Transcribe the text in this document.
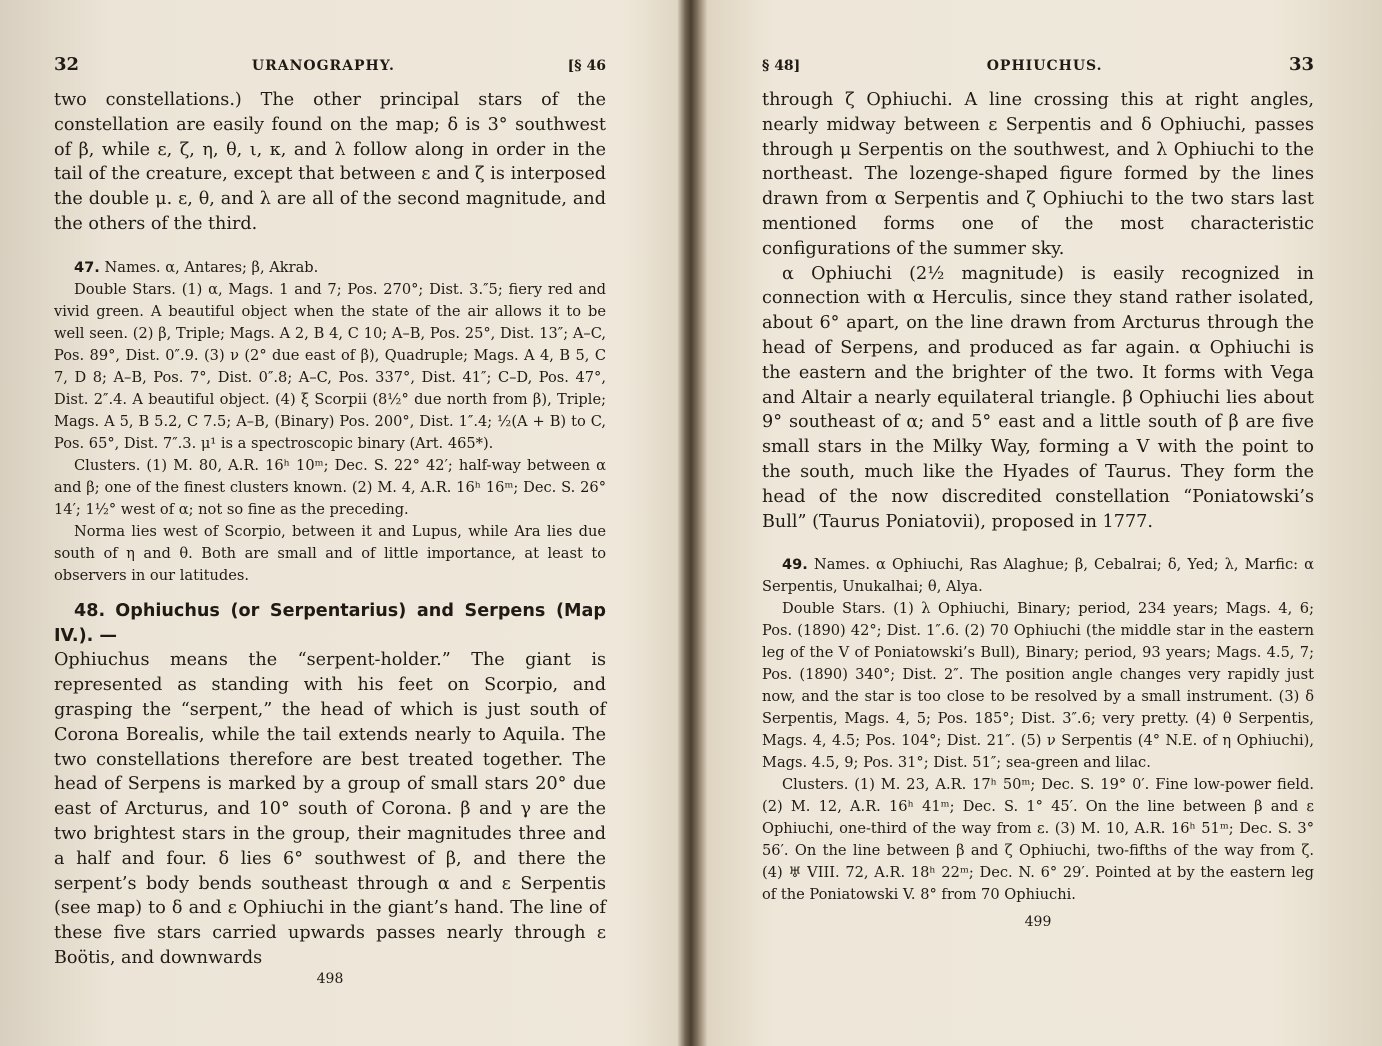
32	URANOGRAPHY.	[§ 46

two constellations.) The other principal stars of the constellation are easily found on the map; δ is 3° southwest of β, while ε, ζ, η, θ, ι, κ, and λ follow along in order in the tail of the creature, except that between ε and ζ is interposed the double μ. ε, θ, and λ are all of the second magnitude, and the others of the third.

47. Names. α, Antares; β, Akrab.

Double Stars. (1) α, Mags. 1 and 7; Pos. 270°; Dist. 3.″5; fiery red and vivid green. A beautiful object when the state of the air allows it to be well seen. (2) β, Triple; Mags. A 2, B 4, C 10; A–B, Pos. 25°, Dist. 13″; A–C, Pos. 89°, Dist. 0″.9. (3) ν (2° due east of β), Quadruple; Mags. A 4, B 5, C 7, D 8; A–B, Pos. 7°, Dist. 0″.8; A–C, Pos. 337°, Dist. 41″; C–D, Pos. 47°, Dist. 2″.4. A beautiful object. (4) ξ Scorpii (8½° due north from β), Triple; Mags. A 5, B 5.2, C 7.5; A–B, (Binary) Pos. 200°, Dist. 1″.4; ½(A + B) to C, Pos. 65°, Dist. 7″.3. μ¹ is a spectroscopic binary (Art. 465*).

Clusters. (1) M. 80, A.R. 16ʰ 10ᵐ; Dec. S. 22° 42′; half-way between α and β; one of the finest clusters known. (2) M. 4, A.R. 16ʰ 16ᵐ; Dec. S. 26° 14′; 1½° west of α; not so fine as the preceding.

Norma lies west of Scorpio, between it and Lupus, while Ara lies due south of η and θ. Both are small and of little importance, at least to observers in our latitudes.

48. Ophiuchus (or Serpentarius) and Serpens (Map IV.). —

Ophiuchus means the “serpent-holder.” The giant is represented as standing with his feet on Scorpio, and grasping the “serpent,” the head of which is just south of Corona Borealis, while the tail extends nearly to Aquila. The two constellations therefore are best treated together. The head of Serpens is marked by a group of small stars 20° due east of Arcturus, and 10° south of Corona. β and γ are the two brightest stars in the group, their magnitudes three and a half and four. δ lies 6° southwest of β, and there the serpent’s body bends southeast through α and ε Serpentis (see map) to δ and ε Ophiuchi in the giant’s hand. The line of these five stars carried upwards passes nearly through ε Boötis, and downwards

498
§ 48]	OPHIUCHUS.	33

through ζ Ophiuchi. A line crossing this at right angles, nearly midway between ε Serpentis and δ Ophiuchi, passes through μ Serpentis on the southwest, and λ Ophiuchi to the northeast. The lozenge-shaped figure formed by the lines drawn from α Serpentis and ζ Ophiuchi to the two stars last mentioned forms one of the most characteristic configurations of the summer sky.

α Ophiuchi (2½ magnitude) is easily recognized in connection with α Herculis, since they stand rather isolated, about 6° apart, on the line drawn from Arcturus through the head of Serpens, and produced as far again. α Ophiuchi is the eastern and the brighter of the two. It forms with Vega and Altair a nearly equilateral triangle. β Ophiuchi lies about 9° southeast of α; and 5° east and a little south of β are five small stars in the Milky Way, forming a V with the point to the south, much like the Hyades of Taurus. They form the head of the now discredited constellation “Poniatowski’s Bull” (Taurus Poniatovii), proposed in 1777.

49. Names. α Ophiuchi, Ras Alaghue; β, Cebalrai; δ, Yed; λ, Marfic: α Serpentis, Unukalhai; θ, Alya.

Double Stars. (1) λ Ophiuchi, Binary; period, 234 years; Mags. 4, 6; Pos. (1890) 42°; Dist. 1″.6. (2) 70 Ophiuchi (the middle star in the eastern leg of the V of Poniatowski’s Bull), Binary; period, 93 years; Mags. 4.5, 7; Pos. (1890) 340°; Dist. 2″. The position angle changes very rapidly just now, and the star is too close to be resolved by a small instrument. (3) δ Serpentis, Mags. 4, 5; Pos. 185°; Dist. 3″.6; very pretty. (4) θ Serpentis, Mags. 4, 4.5; Pos. 104°; Dist. 21″. (5) ν Serpentis (4° N.E. of η Ophiuchi), Mags. 4.5, 9; Pos. 31°; Dist. 51″; sea-green and lilac.

Clusters. (1) M. 23, A.R. 17ʰ 50ᵐ; Dec. S. 19° 0′. Fine low-power field. (2) M. 12, A.R. 16ʰ 41ᵐ; Dec. S. 1° 45′. On the line between β and ε Ophiuchi, one-third of the way from ε. (3) M. 10, A.R. 16ʰ 51ᵐ; Dec. S. 3° 56′. On the line between β and ζ Ophiuchi, two-fifths of the way from ζ. (4) ♅ VIII. 72, A.R. 18ʰ 22ᵐ; Dec. N. 6° 29′. Pointed at by the eastern leg of the Poniatowski V. 8° from 70 Ophiuchi.

499
